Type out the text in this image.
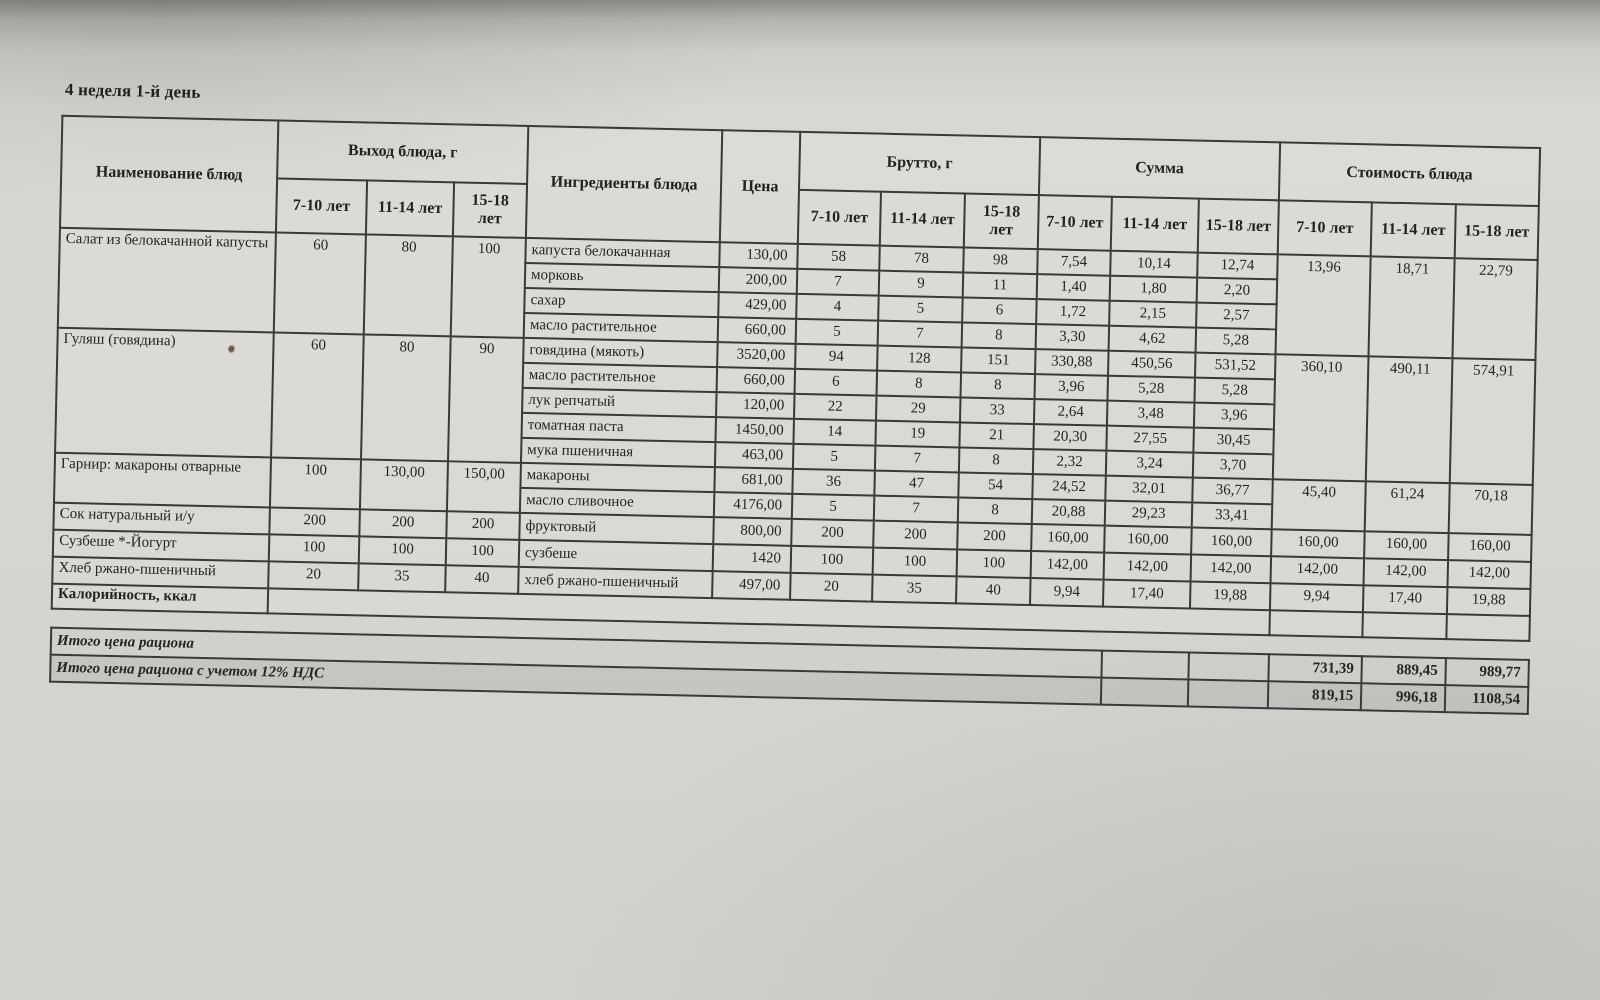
4 неделя 1-й день
Наименование блюд	Выход блюда, г			Ингредиенты блюда	Цена	Брутто, г			Сумма			Стоимость блюда		
	7-10 лет	11-14 лет	15-18 лет			7-10 лет	11-14 лет	15-18 лет	7-10 лет	11-14 лет	15-18 лет	7-10 лет	11-14 лет	15-18 лет
Салат из белокачанной капусты	60	80	100	капуста белокачанная	130,00	58	78	98	7,54	10,14	12,74	13,96	18,71	22,79
				морковь	200,00	7	9	11	1,40	1,80	2,20			
				сахар	429,00	4	5	6	1,72	2,15	2,57			
				масло растительное	660,00	5	7	8	3,30	4,62	5,28			
Гуляш (говядина)	60	80	90	говядина (мякоть)	3520,00	94	128	151	330,88	450,56	531,52	360,10	490,11	574,91
				масло растительное	660,00	6	8	8	3,96	5,28	5,28			
				лук репчатый	120,00	22	29	33	2,64	3,48	3,96			
				томатная паста	1450,00	14	19	21	20,30	27,55	30,45			
				мука пшеничная	463,00	5	7	8	2,32	3,24	3,70			
Гарнир: макароны отварные	100	130,00	150,00	макароны	681,00	36	47	54	24,52	32,01	36,77	45,40	61,24	70,18
				масло сливочное	4176,00	5	7	8	20,88	29,23	33,41			
Сок натуральный и/у	200	200	200	фруктовый	800,00	200	200	200	160,00	160,00	160,00	160,00	160,00	160,00
Сузбеше *-Йогурт	100	100	100	сузбеше	1420	100	100	100	142,00	142,00	142,00	142,00	142,00	142,00
Хлеб ржано-пшеничный	20	35	40	хлеб ржано-пшеничный	497,00	20	35	40	9,94	17,40	19,88	9,94	17,40	19,88
Калорийность, ккал														
Итого цена рациона			731,39	889,45	989,77
Итого цена рациона с учетом 12% НДС			819,15	996,18	1108,54
